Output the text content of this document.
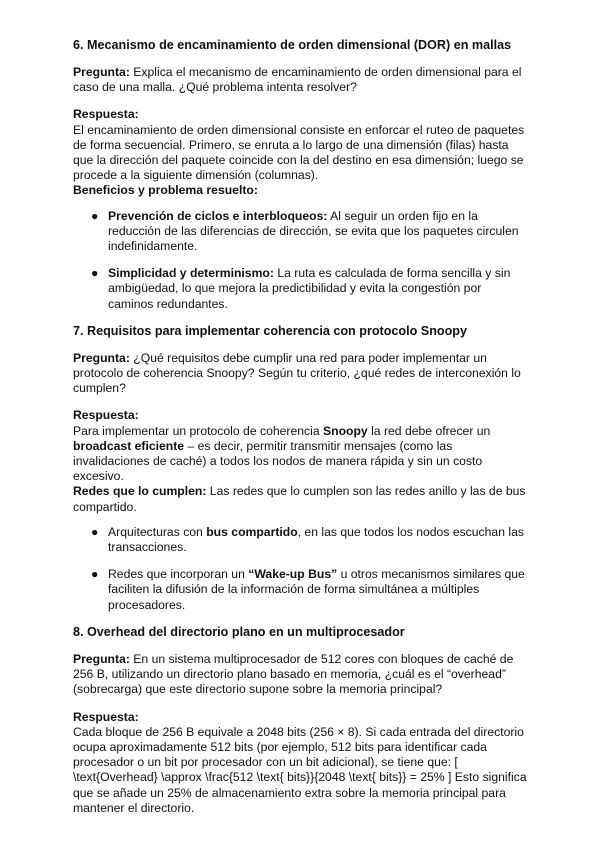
6. Mecanismo de encaminamiento de orden dimensional (DOR) en mallas

Pregunta: Explica el mecanismo de encaminamiento de orden dimensional para el caso de una malla. ¿Qué problema intenta resolver?

Respuesta:

El encaminamiento de orden dimensional consiste en enforcar el ruteo de paquetes de forma secuencial. Primero, se enruta a lo largo de una dimensión (filas) hasta que la dirección del paquete coincide con la del destino en esa dimensión; luego se procede a la siguiente dimensión (columnas).

Beneficios y problema resuelto:

● Prevención de ciclos e interbloqueos: Al seguir un orden fijo en la reducción de las diferencias de dirección, se evita que los paquetes circulen indefinidamente.
● Simplicidad y determinismo: La ruta es calculada de forma sencilla y sin ambigüedad, lo que mejora la predictibilidad y evita la congestión por caminos redundantes.
7. Requisitos para implementar coherencia con protocolo Snoopy

Pregunta: ¿Qué requisitos debe cumplir una red para poder implementar un protocolo de coherencia Snoopy? Según tu criterio, ¿qué redes de interconexión lo cumplen?

Respuesta:

Para implementar un protocolo de coherencia Snoopy la red debe ofrecer un broadcast eficiente – es decir, permitir transmitir mensajes (como las invalidaciones de caché) a todos los nodos de manera rápida y sin un costo excesivo.

Redes que lo cumplen: Las redes que lo cumplen son las redes anillo y las de bus compartido.

● Arquitecturas con bus compartido, en las que todos los nodos escuchan las transacciones.
● Redes que incorporan un “Wake-up Bus” u otros mecanismos similares que faciliten la difusión de la información de forma simultánea a múltiples procesadores.
8. Overhead del directorio plano en un multiprocesador

Pregunta: En un sistema multiprocesador de 512 cores con bloques de caché de 256 B, utilizando un directorio plano basado en memoria, ¿cuál es el “overhead” (sobrecarga) que este directorio supone sobre la memoria principal?

Respuesta:

Cada bloque de 256 B equivale a 2048 bits (256 × 8). Si cada entrada del directorio ocupa aproximadamente 512 bits (por ejemplo, 512 bits para identificar cada procesador o un bit por procesador con un bit adicional), se tiene que: [ \text{Overhead} \approx \frac{512 \text{ bits}}{2048 \text{ bits}} = 25% ] Esto significa que se añade un 25% de almacenamiento extra sobre la memoria principal para mantener el directorio.
